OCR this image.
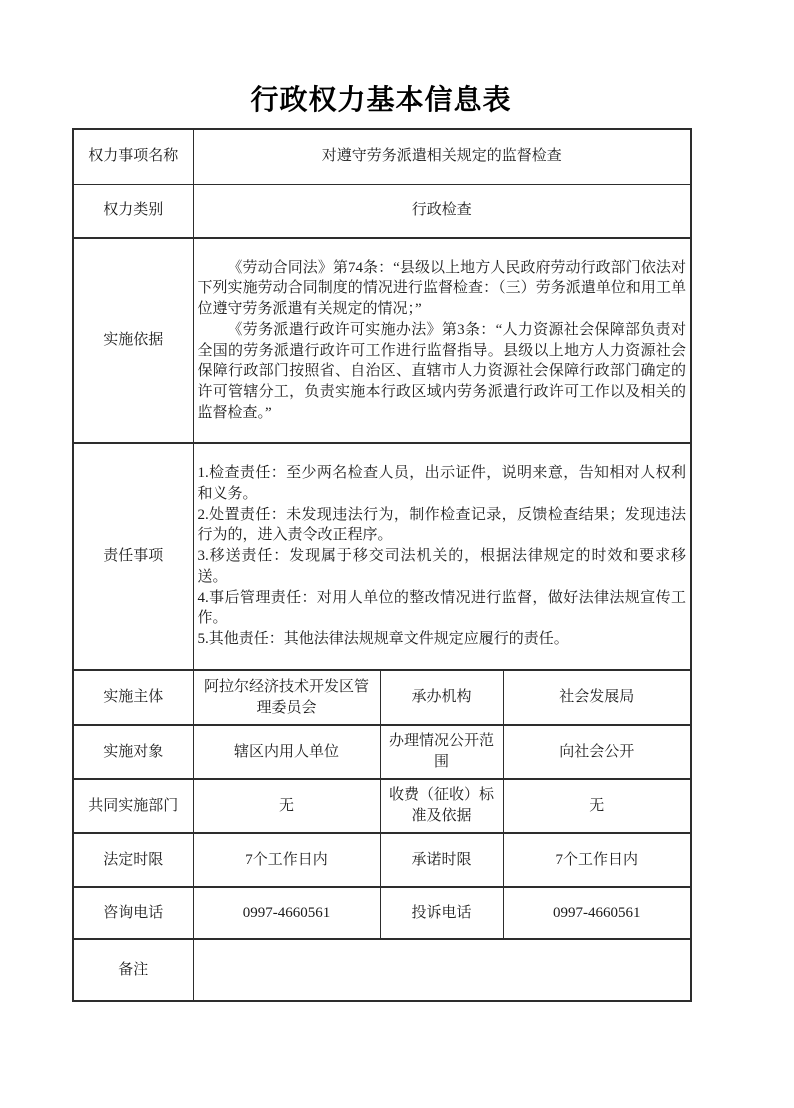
行政权力基本信息表
权力事项名称	对遵守劳务派遣相关规定的监督检查		
权力类别	行政检查		
实施依据	《劳动合同法》第74条：“县级以上地方人民政府劳动行政部门依法对下列实施劳动合同制度的情况进行监督检查：（三）劳务派遣单位和用工单位遵守劳务派遣有关规定的情况；”

《劳务派遣行政许可实施办法》第3条：“人力资源社会保障部负责对全国的劳务派遣行政许可工作进行监督指导。县级以上地方人力资源社会保障行政部门按照省、自治区、直辖市人力资源社会保障行政部门确定的许可管辖分工，负责实施本行政区域内劳务派遣行政许可工作以及相关的监督检查。”		

责任事项	1.检查责任：至少两名检查人员，出示证件，说明来意，告知相对人权利和义务。
2.处置责任：未发现违法行为，制作检查记录，反馈检查结果；发现违法行为的，进入责令改正程序。
3.移送责任：发现属于移交司法机关的，根据法律规定的时效和要求移送。
4.事后管理责任：对用人单位的整改情况进行监督，做好法律法规宣传工作。
5.其他责任：其他法律法规规章文件规定应履行的责任。		

实施主体	阿拉尔经济技术开发区管理委员会	承办机构	社会发展局
实施对象	辖区内用人单位	办理情况公开范围	向社会公开
共同实施部门	无	收费（征收）标准及依据	无
法定时限	7个工作日内	承诺时限	7个工作日内
咨询电话	0997-4660561	投诉电话	0997-4660561
备注			
